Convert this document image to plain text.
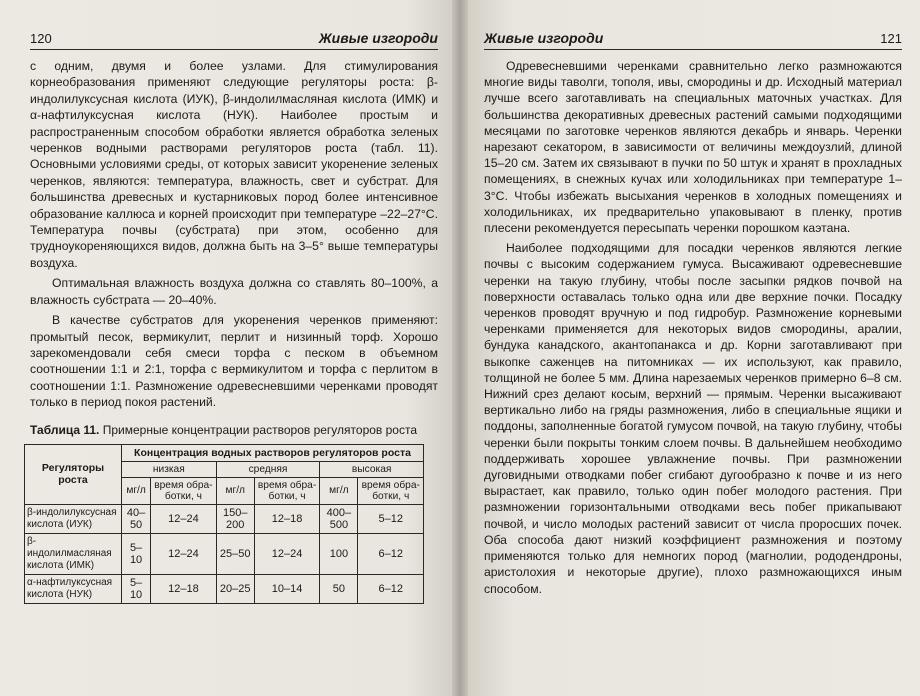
120	Живые изгороди

с одним, двумя и более узлами. Для стимулирования корнеобразования применяют следующие регуляторы роста: β-индолилуксусная кислота (ИУК), β-индолилмасляная кислота (ИМК) и α-нафтилуксусная кислота (НУК). Наиболее простым и распространенным способом обработки является обработка зеленых черенков водными растворами регуляторов роста (табл. 11). Основными условиями среды, от которых зависит укоренение зеленых черенков, являются: температура, влажность, свет и субстрат. Для большинства древесных и кустарниковых пород более интенсивное образование каллюса и корней происходит при температуре –22–27°С. Температура почвы (субстрата) при этом, особенно для трудноукореняющихся видов, должна быть на 3–5° выше температуры воздуха.

Оптимальная влажность воздуха должна со ставлять 80–100%, а влажность субстрата — 20–40%.

В качестве субстратов для укоренения черенков применяют: промытый песок, вермикулит, перлит и низинный торф. Хорошо зарекомендовали себя смеси торфа с песком в объемном соотношении 1:1 и 2:1, торфа с вермикулитом и торфа с перлитом в соотношении 1:1. Размножение одревесневшими черенками проводят только в период покоя растений.

Таблица 11. Примерные концентрации растворов регуляторов роста
Регуляторы роста	Концентрация водных растворов регуляторов роста					
	низкая		средняя		высокая	
	мг/л	время обра-ботки, ч	мг/л	время обра-ботки, ч	мг/л	время обра-ботки, ч
β-индолилуксусная кислота (ИУК)	40–50	12–24	150–200	12–18	400–500	5–12
β-индолилмасляная кислота (ИМК)	5–10	12–24	25–50	12–24	100	6–12
α-нафтилуксусная кислота (НУК)	5–10	12–18	20–25	10–14	50	6–12
Живые изгороди	121

Одревесневшими черенками сравнительно легко размножаются многие виды таволги, тополя, ивы, смородины и др. Исходный материал лучше всего заготавливать на специальных маточных участках. Для большинства декоративных древесных растений самыми подходящими месяцами по заготовке черенков являются декабрь и январь. Черенки нарезают секатором, в зависимости от величины междоузлий, длиной 15–20 см. Затем их связывают в пучки по 50 штук и хранят в прохладных помещениях, в снежных кучах или холодильниках при температуре 1–3°С. Чтобы избежать высыхания черенков в холодных помещениях и холодильниках, их предварительно упаковывают в пленку, против плесени рекомендуется пересыпать черенки порошком каэтана.

Наиболее подходящими для посадки черенков являются легкие почвы с высоким содержанием гумуса. Высаживают одревесневшие черенки на такую глубину, чтобы после засыпки рядков почвой на поверхности оставалась только одна или две верхние почки. Посадку черенков проводят вручную и под гидробур. Размножение корневыми черенками применяется для некоторых видов смородины, аралии, бундука канадского, акантопанакса и др. Корни заготавливают при выкопке саженцев на питомниках — их используют, как правило, толщиной не более 5 мм. Длина нарезаемых черенков примерно 6–8 см. Нижний срез делают косым, верхний — прямым. Черенки высаживают вертикально либо на гряды размножения, либо в специальные ящики и поддоны, заполненные богатой гумусом почвой, на такую глубину, чтобы черенки были покрыты тонким слоем почвы. В дальнейшем необходимо поддерживать хорошее увлажнение почвы. При размножении дуговидными отводками побег сгибают дугообразно к почве и из него вырастает, как правило, только один побег молодого растения. При размножении горизонтальными отводками весь побег прикапывают почвой, и число молодых растений зависит от числа проросших почек. Оба способа дают низкий коэффициент размножения и поэтому применяются только для немногих пород (магнолии, рододендроны, аристолохия и некоторые другие), плохо размножающихся иным способом.
